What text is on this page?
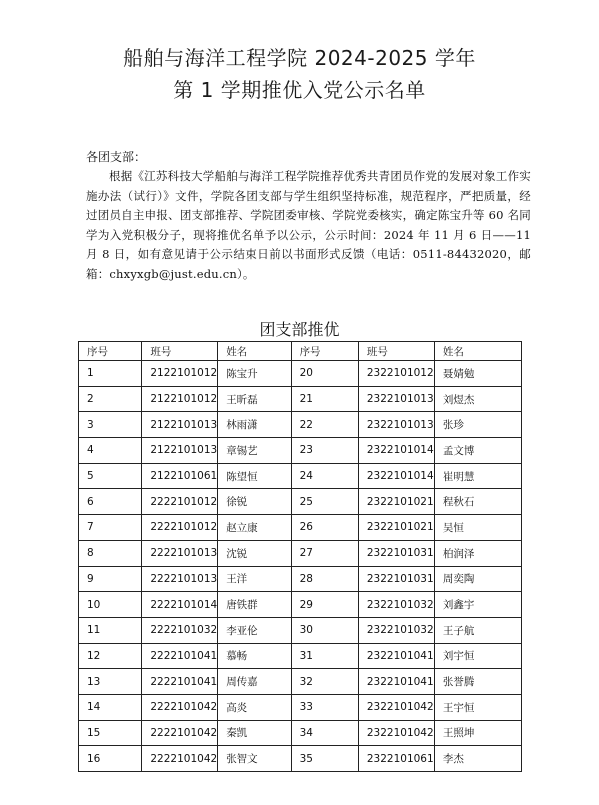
船舶与海洋工程学院 2024-2025 学年
第 1 学期推优入党公示名单
各团支部：
根据《江苏科技大学船舶与海洋工程学院推荐优秀共青团员作党的发展对象工作实施办法（试行）》文件，学院各团支部与学生组织坚持标准，规范程序，严把质量，经过团员自主申报、团支部推荐、学院团委审核、学院党委核实，确定陈宝升等 60 名同学为入党积极分子，现将推优名单予以公示，公示时间：2024 年 11 月 6 日——11 月 8 日，如有意见请于公示结束日前以书面形式反馈（电话：0511-84432020，邮箱：chxyxgb@just.edu.cn）。
团支部推优
序号	班号	姓名	序号	班号	姓名
1	2122101012	陈宝升	20	2322101012	聂婧勉
2	2122101012	王昕磊	21	2322101013	刘煜杰
3	2122101013	林雨潇	22	2322101013	张珍
4	2122101013	章锡艺	23	2322101014	孟文博
5	2122101061	陈望恒	24	2322101014	崔明慧
6	2222101012	徐锐	25	2322101021	程秋石
7	2222101012	赵立康	26	2322101021	吴恒
8	2222101013	沈锐	27	2322101031	柏润泽
9	2222101013	王洋	28	2322101031	周奕陶
10	2222101014	唐铁群	29	2322101032	刘鑫宇
11	2222101032	李亚伦	30	2322101032	王子航
12	2222101041	慕畅	31	2322101041	刘宇恒
13	2222101041	周传嘉	32	2322101041	张誉腾
14	2222101042	高炎	33	2322101042	王宇恒
15	2222101042	秦凯	34	2322101042	王照坤
16	2222101042	张智文	35	2322101061	李杰
